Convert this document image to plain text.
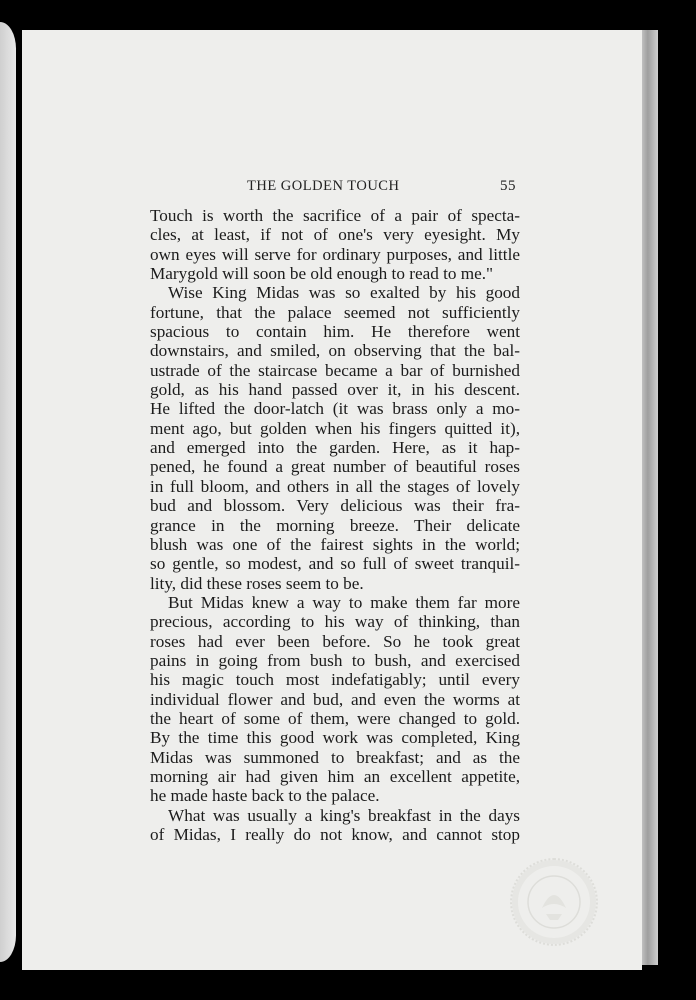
THE GOLDEN TOUCH	55
Touch is worth the sacrifice of a pair of specta-
cles, at least, if not of one's very eyesight. My
own eyes will serve for ordinary purposes, and little
Marygold will soon be old enough to read to me."
Wise King Midas was so exalted by his good
fortune, that the palace seemed not sufficiently
spacious to contain him. He therefore went
downstairs, and smiled, on observing that the bal-
ustrade of the staircase became a bar of burnished
gold, as his hand passed over it, in his descent.
He lifted the door-latch (it was brass only a mo-
ment ago, but golden when his fingers quitted it),
and emerged into the garden. Here, as it hap-
pened, he found a great number of beautiful roses
in full bloom, and others in all the stages of lovely
bud and blossom. Very delicious was their fra-
grance in the morning breeze. Their delicate
blush was one of the fairest sights in the world;
so gentle, so modest, and so full of sweet tranquil-
lity, did these roses seem to be.
But Midas knew a way to make them far more
precious, according to his way of thinking, than
roses had ever been before. So he took great
pains in going from bush to bush, and exercised
his magic touch most indefatigably; until every
individual flower and bud, and even the worms at
the heart of some of them, were changed to gold.
By the time this good work was completed, King
Midas was summoned to breakfast; and as the
morning air had given him an excellent appetite,
he made haste back to the palace.
What was usually a king's breakfast in the days
of Midas, I really do not know, and cannot stop
